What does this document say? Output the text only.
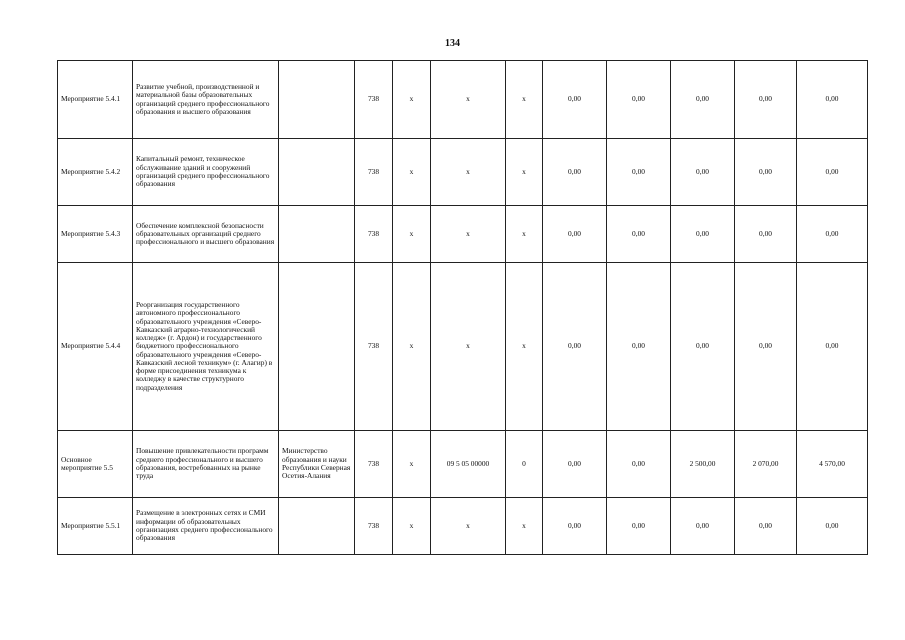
134
Мероприятие 5.4.1	Развитие учебной, производственной и материальной базы образовательных организаций среднего профессионального образования и высшего образования		738	x	x	x	0,00	0,00	0,00	0,00	0,00
Мероприятие 5.4.2	Капитальный ремонт, техническое обслуживание зданий и сооружений организаций среднего профессионального образования		738	x	x	x	0,00	0,00	0,00	0,00	0,00
Мероприятие 5.4.3	Обеспечение комплексной безопасности образовательных организаций среднего профессионального и высшего образования		738	x	x	x	0,00	0,00	0,00	0,00	0,00
Мероприятие 5.4.4	Реорганизация государственного автономного профессионального образовательного учреждения «Северо-Кавказский аграрно-технологический колледж» (г. Ардон) и государственного бюджетного профессионального образовательного учреждения «Северо-Кавказский лесной техникум» (г. Алагир) в форме присоединения техникума к колледжу в качестве структурного подразделения		738	x	x	x	0,00	0,00	0,00	0,00	0,00
Основное мероприятие 5.5	Повышение привлекательности программ среднего профессионального и высшего образования, востребованных на рынке труда	Министерство образования и науки Республики Северная Осетия-Алания	738	x	09 5 05 00000	0	0,00	0,00	2 500,00	2 070,00	4 570,00
Мероприятие 5.5.1	Размещение в электронных сетях и СМИ информации об образовательных организациях среднего профессионального образования		738	x	x	x	0,00	0,00	0,00	0,00	0,00
